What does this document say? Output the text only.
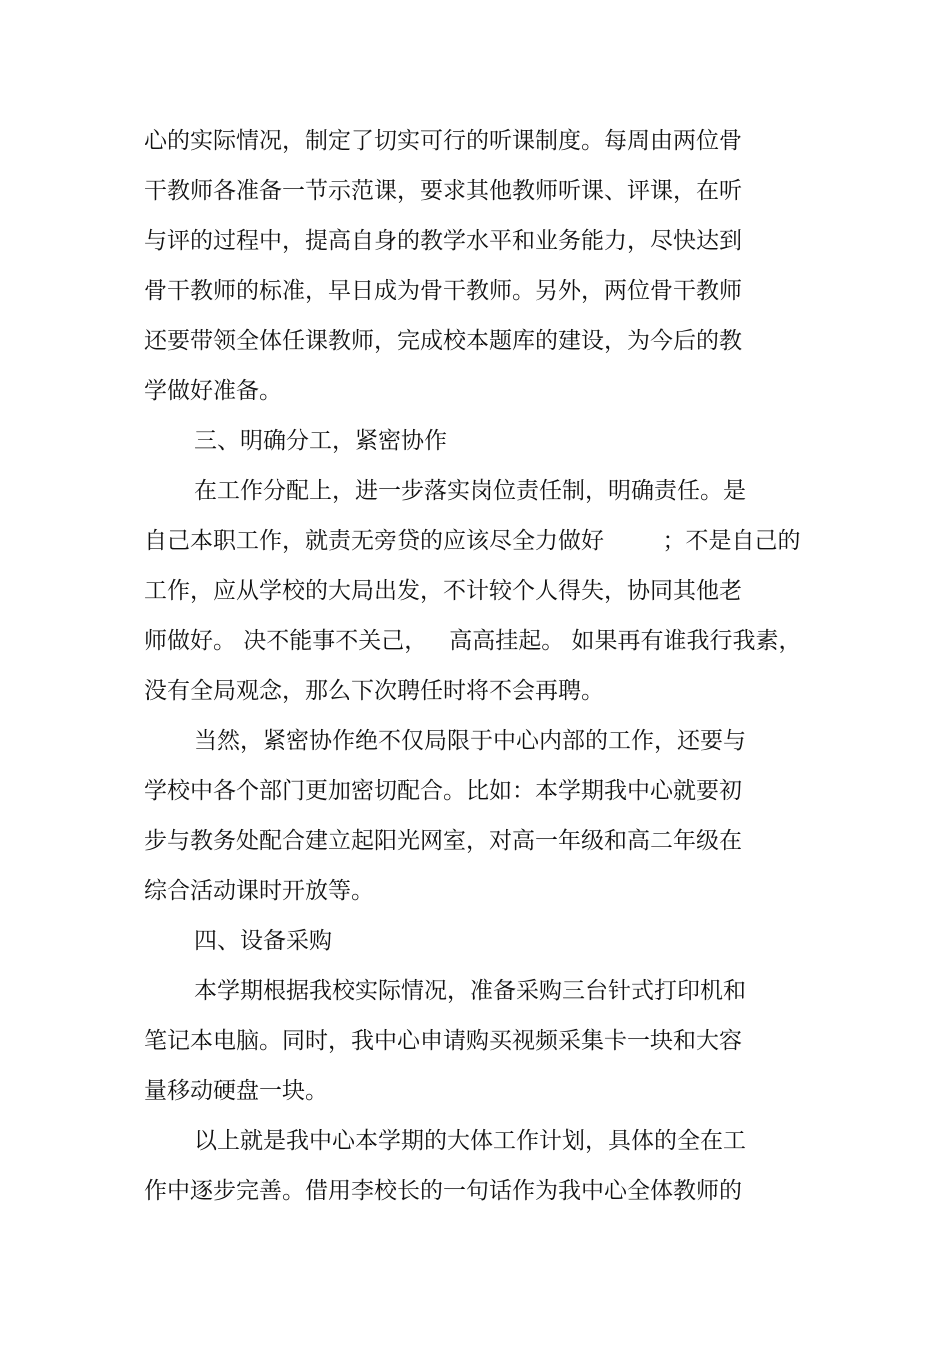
心的实际情况，制定了切实可行的听课制度。每周由两位骨
干教师各准备一节示范课，要求其他教师听课、评课，在听
与评的过程中，提高自身的教学水平和业务能力，尽快达到
骨干教师的标准，早日成为骨干教师。另外，两位骨干教师
还要带领全体任课教师，完成校本题库的建设，为今后的教
学做好准备。
三、明确分工，紧密协作
在工作分配上，进一步落实岗位责任制，明确责任。是
自己本职工作，就责无旁贷的应该尽全力做好        ；不是自己的
工作，应从学校的大局出发，不计较个人得失，协同其他老
师做好。 决不能事不关己，   高高挂起。 如果再有谁我行我素，
没有全局观念，那么下次聘任时将不会再聘。
当然，紧密协作绝不仅局限于中心内部的工作，还要与
学校中各个部门更加密切配合。比如：本学期我中心就要初
步与教务处配合建立起阳光网室，对高一年级和高二年级在
综合活动课时开放等。
四、设备采购
本学期根据我校实际情况，准备采购三台针式打印机和
笔记本电脑。同时，我中心申请购买视频采集卡一块和大容
量移动硬盘一块。
以上就是我中心本学期的大体工作计划，具体的全在工
作中逐步完善。借用李校长的一句话作为我中心全体教师的
